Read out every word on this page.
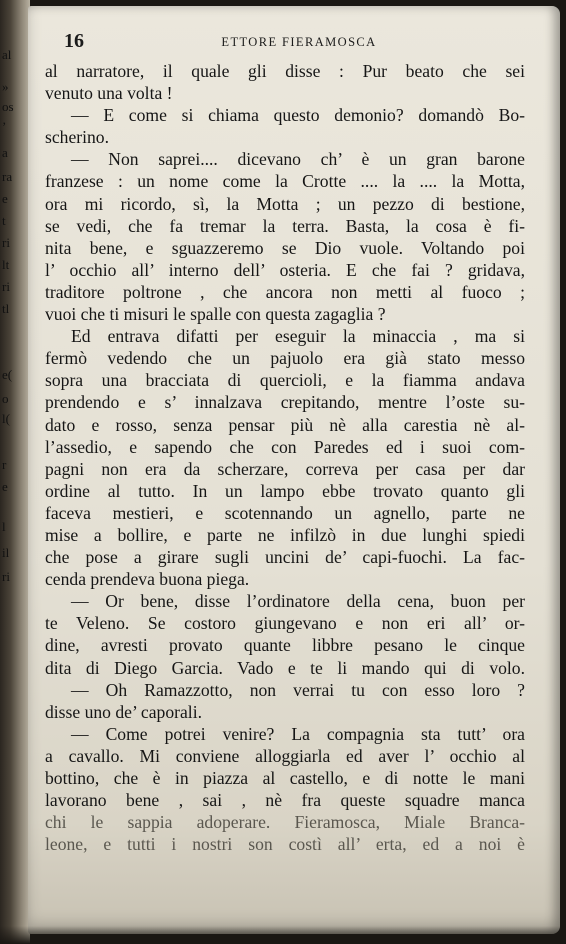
al
»
os
’
a
ra
e
t
ri
lt
ri
tl
e(
o
l(
r
e
l
il
ri
16	ETTORE FIERAMOSCA
al narratore, il quale gli disse : Pur beato che sei
venuto una volta !
— E come si chiama questo demonio? domandò Bo-
scherino.
— Non saprei.... dicevano ch’ è un gran barone
franzese : un nome come la Crotte .... la .... la Motta,
ora mi ricordo, sì, la Motta ; un pezzo di bestione,
se vedi, che fa tremar la terra. Basta, la cosa è fi-
nita bene, e sguazzeremo se Dio vuole. Voltando poi
l’ occhio all’ interno dell’ osteria. E che fai ? gridava,
traditore poltrone , che ancora non metti al fuoco ;
vuoi che ti misuri le spalle con questa zagaglia ?
Ed entrava difatti per eseguir la minaccia , ma si
fermò vedendo che un pajuolo era già stato messo
sopra una bracciata di quercioli, e la fiamma andava
prendendo e s’ innalzava crepitando, mentre l’oste su-
dato e rosso, senza pensar più nè alla carestia nè al-
l’assedio, e sapendo che con Paredes ed i suoi com-
pagni non era da scherzare, correva per casa per dar
ordine al tutto. In un lampo ebbe trovato quanto gli
faceva mestieri, e scotennando un agnello, parte ne
mise a bollire, e parte ne infilzò in due lunghi spiedi
che pose a girare sugli uncini de’ capi-fuochi. La fac-
cenda prendeva buona piega.
— Or bene, disse l’ordinatore della cena, buon per
te Veleno. Se costoro giungevano e non eri all’ or-
dine, avresti provato quante libbre pesano le cinque
dita di Diego Garcia. Vado e te li mando qui di volo.
— Oh Ramazzotto, non verrai tu con esso loro ?
disse uno de’ caporali.
— Come potrei venire? La compagnia sta tutt’ ora
a cavallo. Mi conviene alloggiarla ed aver l’ occhio al
bottino, che è in piazza al castello, e di notte le mani
lavorano bene , sai , nè fra queste squadre manca
chi le sappia adoperare. Fieramosca, Miale Branca-
leone, e tutti i nostri son costì all’ erta, ed a noi è
